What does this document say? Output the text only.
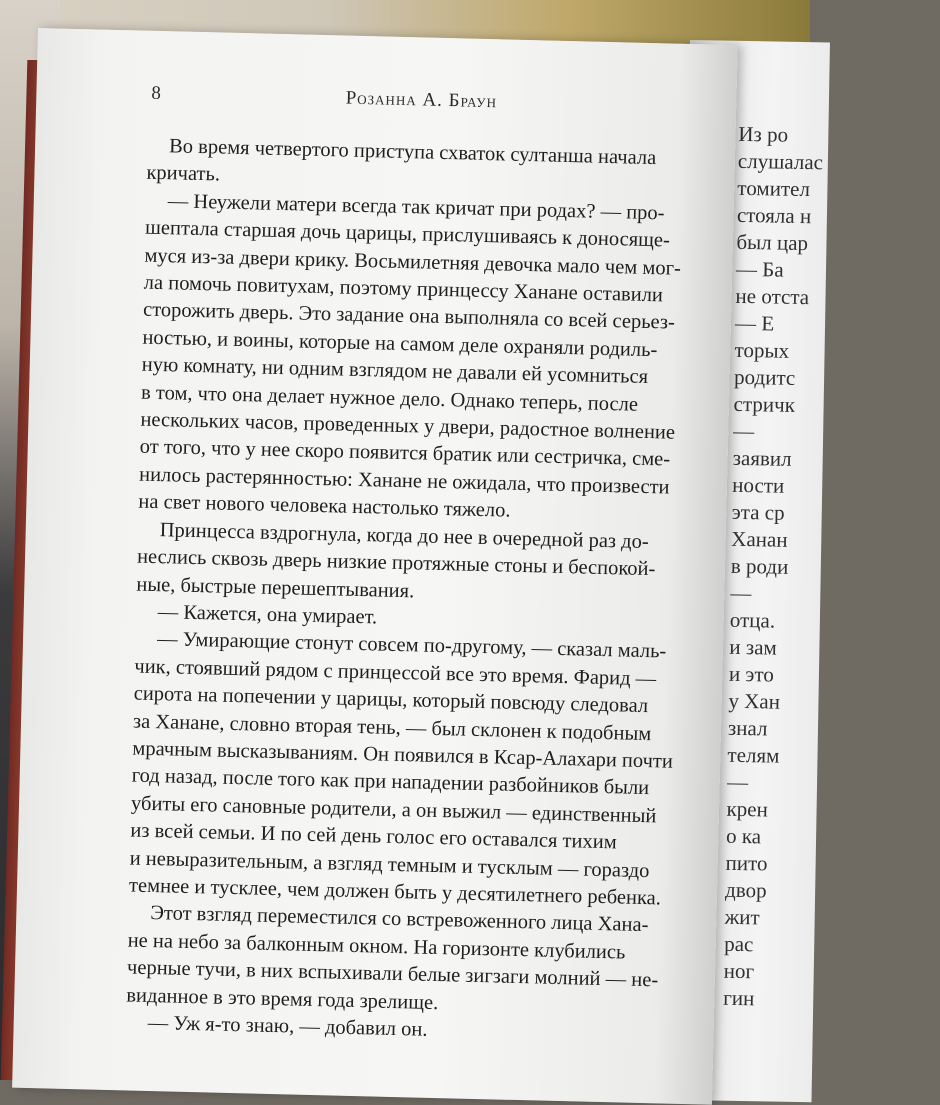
Из ро
слушалас
томител
стояла н
был цар
— Ба
не отста
— Е
торых
родитс
стричк
—
заявил
ности
эта ср
Ханан
в роди
—
отца.
и зам
и это
у Хан
знал
телям
—
крен
о ка
пито
двор
жит
рас
ног
гин
8	Розанна А. Браун
Во время четвертого приступа схваток султанша начала
кричать.
— Неужели матери всегда так кричат при родах? — про-
шептала старшая дочь царицы, прислушиваясь к доносяще-
муся из-за двери крику. Восьмилетняя девочка мало чем мог-
ла помочь повитухам, поэтому принцессу Ханане оставили
сторожить дверь. Это задание она выполняла со всей серьез-
ностью, и воины, которые на самом деле охраняли родиль-
ную комнату, ни одним взглядом не давали ей усомниться
в том, что она делает нужное дело. Однако теперь, после
нескольких часов, проведенных у двери, радостное волнение
от того, что у нее скоро появится братик или сестричка, сме-
нилось растерянностью: Ханане не ожидала, что произвести
на свет нового человека настолько тяжело.
Принцесса вздрогнула, когда до нее в очередной раз до-
неслись сквозь дверь низкие протяжные стоны и беспокой-
ные, быстрые перешептывания.
— Кажется, она умирает.
— Умирающие стонут совсем по-другому, — сказал маль-
чик, стоявший рядом с принцессой все это время. Фарид —
сирота на попечении у царицы, который повсюду следовал
за Ханане, словно вторая тень, — был склонен к подобным
мрачным высказываниям. Он появился в Ксар-Алахари почти
год назад, после того как при нападении разбойников были
убиты его сановные родители, а он выжил — единственный
из всей семьи. И по сей день голос его оставался тихим
и невыразительным, а взгляд темным и тусклым — гораздо
темнее и тусклее, чем должен быть у десятилетнего ребенка.
Этот взгляд переместился со встревоженного лица Хана-
не на небо за балконным окном. На горизонте клубились
черные тучи, в них вспыхивали белые зигзаги молний — не-
виданное в это время года зрелище.
— Уж я-то знаю, — добавил он.
